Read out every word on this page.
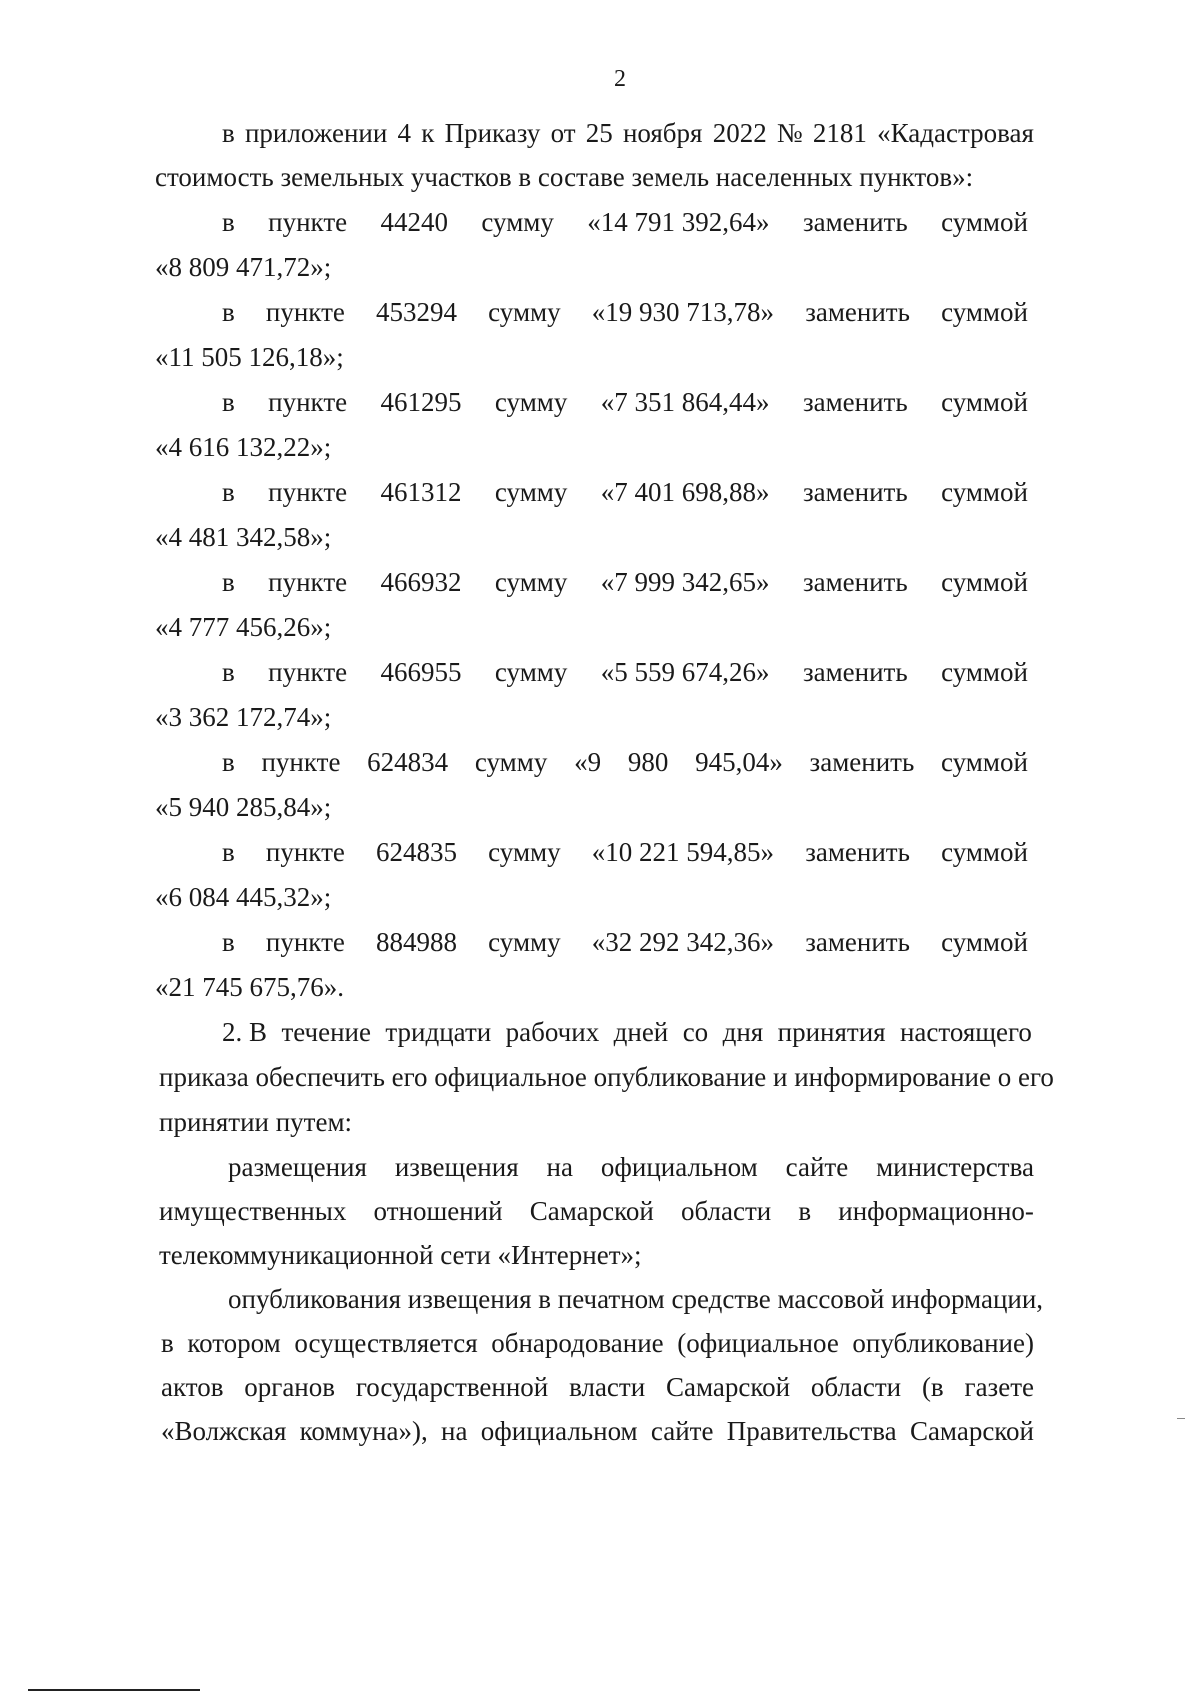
2
в приложении 4 к Приказу от 25 ноября 2022 № 2181 «Кадастровая
стоимость земельных участков в составе земель населенных пунктов»:
в пункте 44240 сумму «14 791 392,64» заменить суммой
«8 809 471,72»;
в пункте 453294 сумму «19 930 713,78» заменить суммой
«11 505 126,18»;
в пункте 461295 сумму «7 351 864,44» заменить суммой
«4 616 132,22»;
в пункте 461312 сумму «7 401 698,88» заменить суммой
«4 481 342,58»;
в пункте 466932 сумму «7 999 342,65» заменить суммой
«4 777 456,26»;
в пункте 466955 сумму «5 559 674,26» заменить суммой
«3 362 172,74»;
в пункте 624834 сумму «9 980 945,04» заменить суммой
«5 940 285,84»;
в пункте 624835 сумму «10 221 594,85» заменить суммой
«6 084 445,32»;
в пункте 884988 сумму «32 292 342,36» заменить суммой
«21 745 675,76».
2. В течение тридцати рабочих дней со дня принятия настоящего
приказа обеспечить его официальное опубликование и информирование о его
принятии путем:
размещения извещения на официальном сайте министерства
имущественных отношений Самарской области в информационно-
телекоммуникационной сети «Интернет»;
опубликования извещения в печатном средстве массовой информации,
в котором осуществляется обнародование (официальное опубликование)
актов органов государственной власти Самарской области (в газете
«Волжская коммуна»), на официальном сайте Правительства Самарской
